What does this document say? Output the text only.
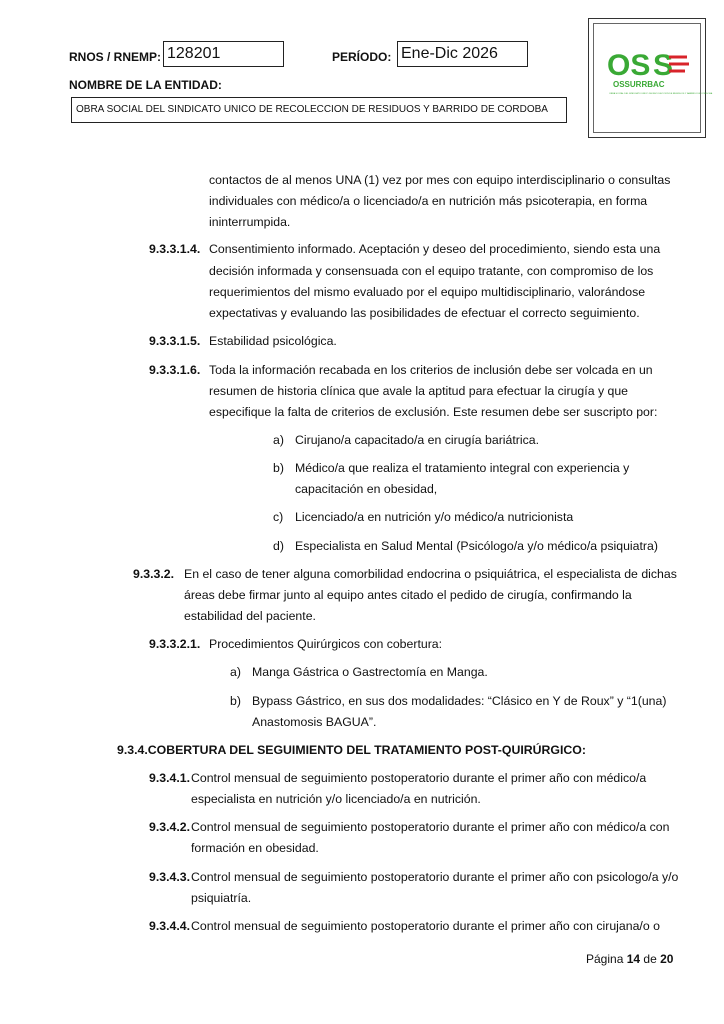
RNOS / RNEMP: 128201	PERÍODO: Ene-Dic 2026
NOMBRE DE LA ENTIDAD:
OBRA SOCIAL DEL SINDICATO UNICO DE RECOLECCION DE RESIDUOS Y BARRIDO DE CORDOBA
OS S
OSSURRBAC
OBRA SOCIAL DEL SINDICATO UNICO DE RECOLECCION DE RESIDUOS Y BARRIDO DE CORDOBA
contactos de al menos UNA (1) vez por mes con equipo interdisciplinario o consultas
individuales con médico/a o licenciado/a en nutrición más psicoterapia, en forma
ininterrumpida.
9.3.3.1.4. Consentimiento informado. Aceptación y deseo del procedimiento, siendo esta una
decisión informada y consensuada con el equipo tratante, con compromiso de los
requerimientos del mismo evaluado por el equipo multidisciplinario, valorándose
expectativas y evaluando las posibilidades de efectuar el correcto seguimiento.
9.3.3.1.5. Estabilidad psicológica.
9.3.3.1.6. Toda la información recabada en los criterios de inclusión debe ser volcada en un
resumen de historia clínica que avale la aptitud para efectuar la cirugía y que
especifique la falta de criterios de exclusión. Este resumen debe ser suscripto por:
a) Cirujano/a capacitado/a en cirugía bariátrica.
b) Médico/a que realiza el tratamiento integral con experiencia y
capacitación en obesidad,
c) Licenciado/a en nutrición y/o médico/a nutricionista
d) Especialista en Salud Mental (Psicólogo/a y/o médico/a psiquiatra)
9.3.3.2. En el caso de tener alguna comorbilidad endocrina o psiquiátrica, el especialista de dichas
áreas debe firmar junto al equipo antes citado el pedido de cirugía, confirmando la
estabilidad del paciente.
9.3.3.2.1. Procedimientos Quirúrgicos con cobertura:
a) Manga Gástrica o Gastrectomía en Manga.
b) Bypass Gástrico, en sus dos modalidades: “Clásico en Y de Roux” y “1(una)
Anastomosis BAGUA”.
9.3.4.COBERTURA DEL SEGUIMIENTO DEL TRATAMIENTO POST-QUIRÚRGICO:
9.3.4.1. Control mensual de seguimiento postoperatorio durante el primer año con médico/a
especialista en nutrición y/o licenciado/a en nutrición.
9.3.4.2. Control mensual de seguimiento postoperatorio durante el primer año con médico/a con
formación en obesidad.
9.3.4.3. Control mensual de seguimiento postoperatorio durante el primer año con psicologo/a y/o
psiquiatría.
9.3.4.4. Control mensual de seguimiento postoperatorio durante el primer año con cirujana/o o
Página 14 de 20
